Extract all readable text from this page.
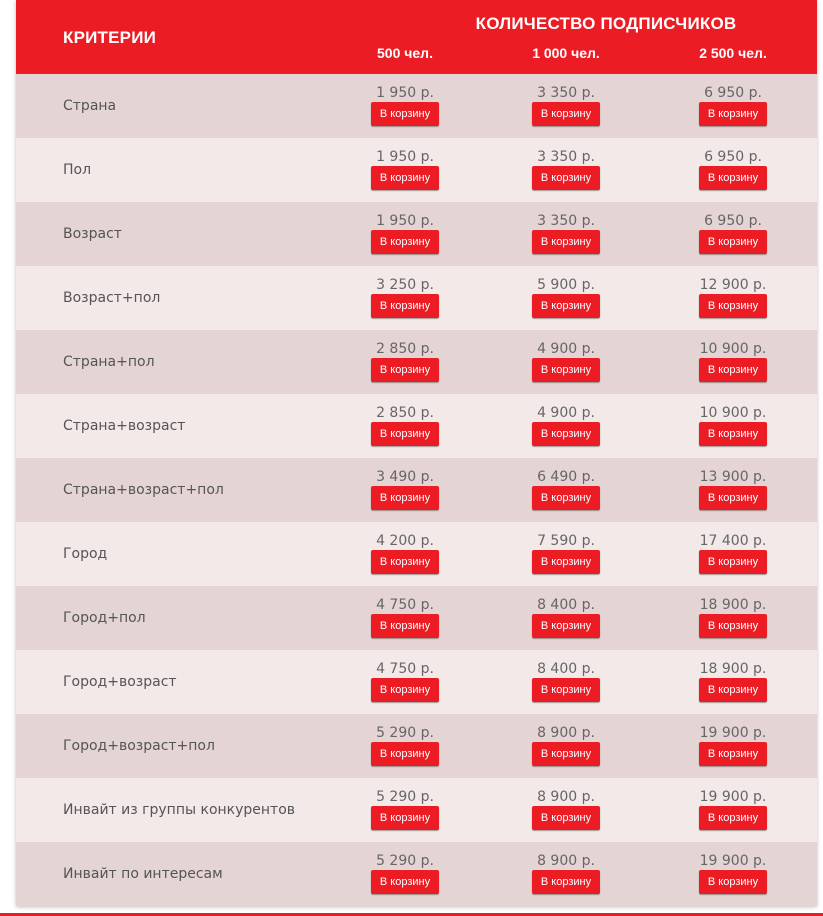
КРИТЕРИИ
КОЛИЧЕСТВО ПОДПИСЧИКОВ
500 чел.	1 000 чел.	2 500 чел.
Страна
1 950 р.
В корзину
3 350 р.
В корзину
6 950 р.
В корзину
Пол
1 950 р.
В корзину
3 350 р.
В корзину
6 950 р.
В корзину
Возраст
1 950 р.
В корзину
3 350 р.
В корзину
6 950 р.
В корзину
Возраст+пол
3 250 р.
В корзину
5 900 р.
В корзину
12 900 р.
В корзину
Страна+пол
2 850 р.
В корзину
4 900 р.
В корзину
10 900 р.
В корзину
Страна+возраст
2 850 р.
В корзину
4 900 р.
В корзину
10 900 р.
В корзину
Страна+возраст+пол
3 490 р.
В корзину
6 490 р.
В корзину
13 900 р.
В корзину
Город
4 200 р.
В корзину
7 590 р.
В корзину
17 400 р.
В корзину
Город+пол
4 750 р.
В корзину
8 400 р.
В корзину
18 900 р.
В корзину
Город+возраст
4 750 р.
В корзину
8 400 р.
В корзину
18 900 р.
В корзину
Город+возраст+пол
5 290 р.
В корзину
8 900 р.
В корзину
19 900 р.
В корзину
Инвайт из группы конкурентов
5 290 р.
В корзину
8 900 р.
В корзину
19 900 р.
В корзину
Инвайт по интересам
5 290 р.
В корзину
8 900 р.
В корзину
19 900 р.
В корзину
